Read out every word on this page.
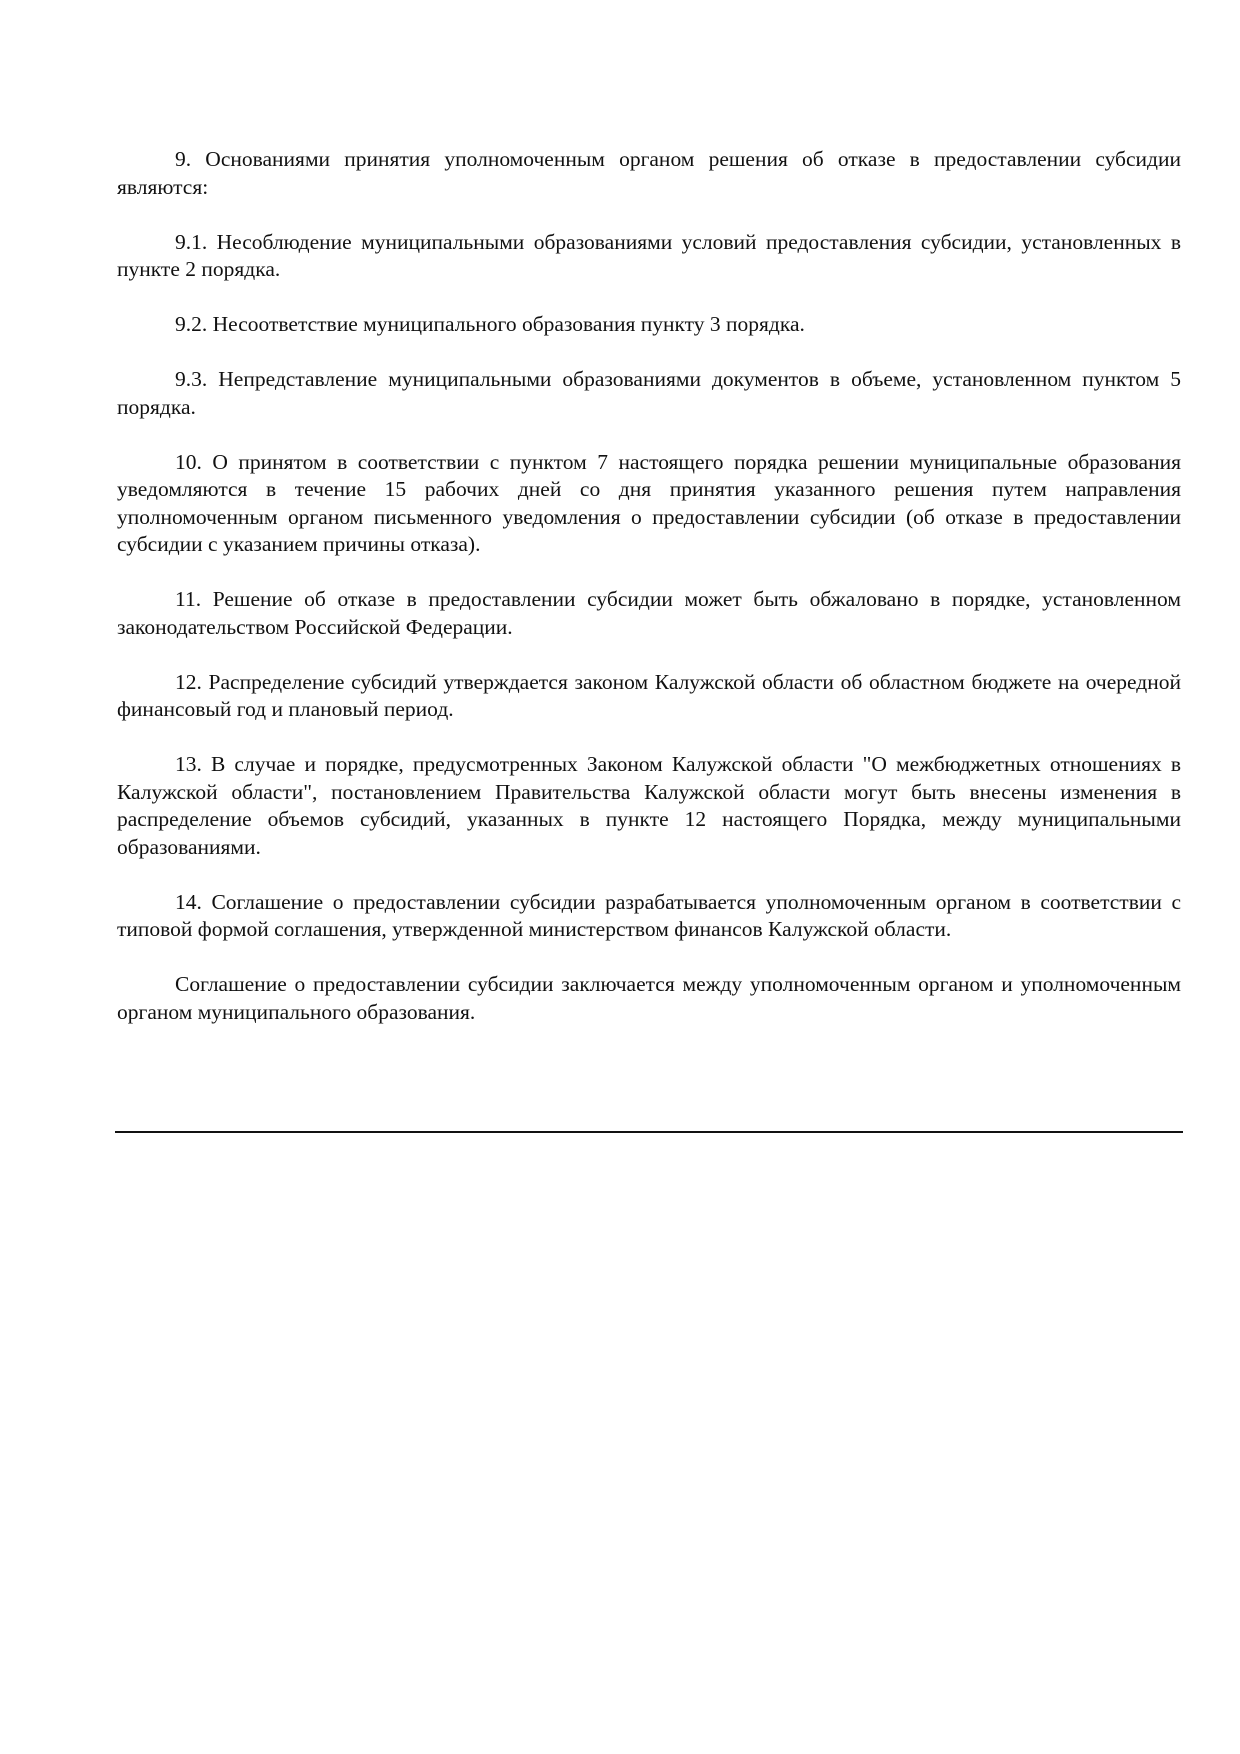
9. Основаниями принятия уполномоченным органом решения об отказе в предоставлении субсидии являются:

9.1. Несоблюдение муниципальными образованиями условий предоставления субсидии, установленных в пункте 2 порядка.

9.2. Несоответствие муниципального образования пункту 3 порядка.

9.3. Непредставление муниципальными образованиями документов в объеме, установленном пунктом 5 порядка.

10. О принятом в соответствии с пунктом 7 настоящего порядка решении муниципальные образования уведомляются в течение 15 рабочих дней со дня принятия указанного решения путем направления уполномоченным органом письменного уведомления о предоставлении субсидии (об отказе в предоставлении субсидии с указанием причины отказа).

11. Решение об отказе в предоставлении субсидии может быть обжаловано в порядке, установленном законодательством Российской Федерации.

12. Распределение субсидий утверждается законом Калужской области об областном бюджете на очередной финансовый год и плановый период.

13. В случае и порядке, предусмотренных Законом Калужской области "О межбюджетных отношениях в Калужской области", постановлением Правительства Калужской области могут быть внесены изменения в распределение объемов субсидий, указанных в пункте 12 настоящего Порядка, между муниципальными образованиями.

14. Соглашение о предоставлении субсидии разрабатывается уполномоченным органом в соответствии с типовой формой соглашения, утвержденной министерством финансов Калужской области.

Соглашение о предоставлении субсидии заключается между уполномоченным органом и уполномоченным органом муниципального образования.
